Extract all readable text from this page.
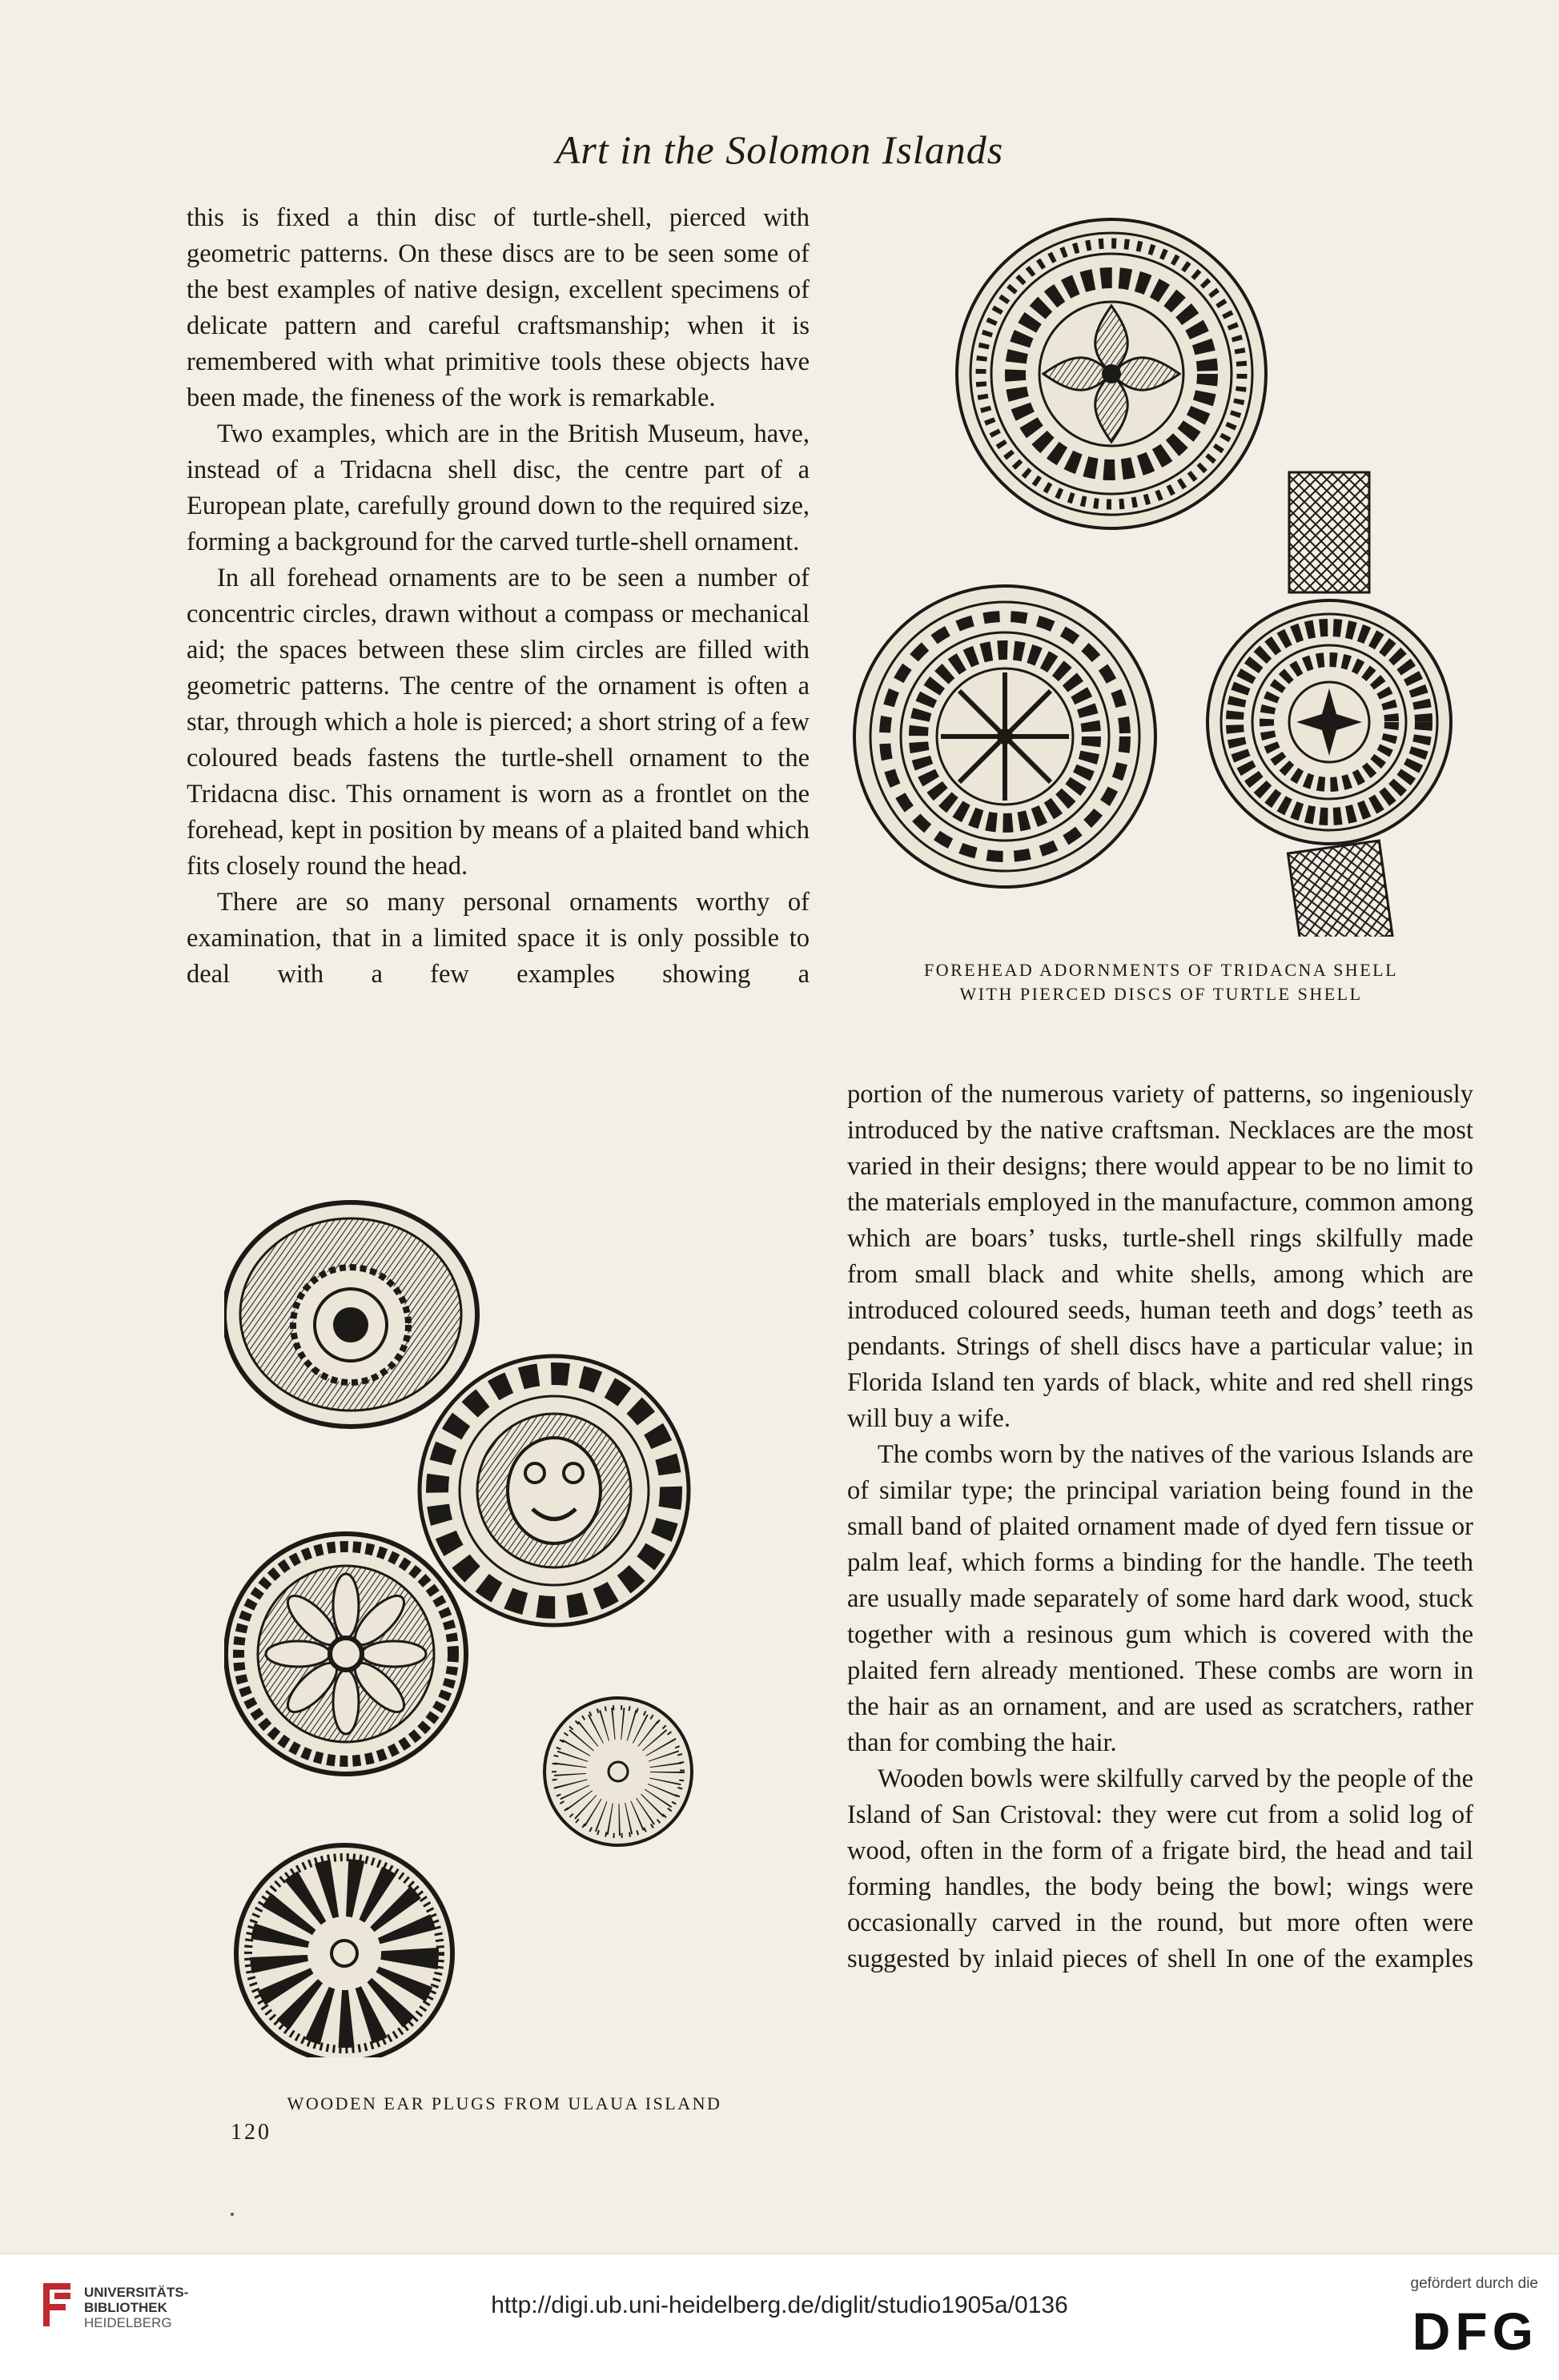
Art in the Solomon Islands

this is fixed a thin disc of turtle-shell, pierced with geometric patterns. On these discs are to be seen some of the best examples of native design, excellent specimens of delicate pattern and careful craftsmanship; when it is remembered with what primitive tools these objects have been made, the fineness of the work is remarkable.

Two examples, which are in the British Museum, have, instead of a Tridacna shell disc, the centre part of a European plate, carefully ground down to the required size, forming a background for the carved turtle-shell ornament.

In all forehead ornaments are to be seen a number of concentric circles, drawn without a compass or mechanical aid; the spaces between these slim circles are filled with geometric patterns. The centre of the ornament is often a star, through which a hole is pierced; a short string of a few coloured beads fastens the turtle-shell ornament to the Tridacna disc. This ornament is worn as a frontlet on the forehead, kept in position by means of a plaited band which fits closely round the head.

There are so many personal ornaments worthy of examination, that in a limited space it is only possible to deal with a few examples showing a	FOREHEAD ADORNMENTS OF TRIDACNA SHELL
WITH PIERCED DISCS OF TURTLE SHELL

portion of the numerous variety of patterns, so ingeniously introduced by the native craftsman. Necklaces are the most varied in their designs; there would appear to be no limit to the materials employed in the manufacture, common among which are boars’ tusks, turtle-shell rings skilfully made from small black and white shells, among which are introduced coloured seeds, human teeth and dogs’ teeth as pendants. Strings of shell discs have a particular value; in Florida Island ten yards of black, white and red shell rings will buy a wife.

The combs worn by the natives of the various Islands are of similar type; the principal variation being found in the small band of plaited ornament made of dyed fern tissue or palm leaf, which forms a binding for the handle. The teeth are usually made separately of some hard dark wood, stuck together with a resinous gum which is covered with the plaited fern already mentioned. These combs are worn in the hair as an ornament, and are used as scratchers, rather than for combing the hair.

Wooden bowls were skilfully carved by the people of the Island of San Cristoval: they were cut from a solid log of wood, often in the form of a frigate bird, the head and tail forming handles, the body being the bowl; wings were occasionally carved in the round, but more often were suggested by inlaid pieces of shell In one of the examples

WOODEN EAR PLUGS FROM ULAUA ISLAND
120
UNIVERSITÄTS-
BIBLIOTHEK
HEIDELBERG
http://digi.ub.uni-heidelberg.de/diglit/studio1905a/0136
gefördert durch die
DFG
